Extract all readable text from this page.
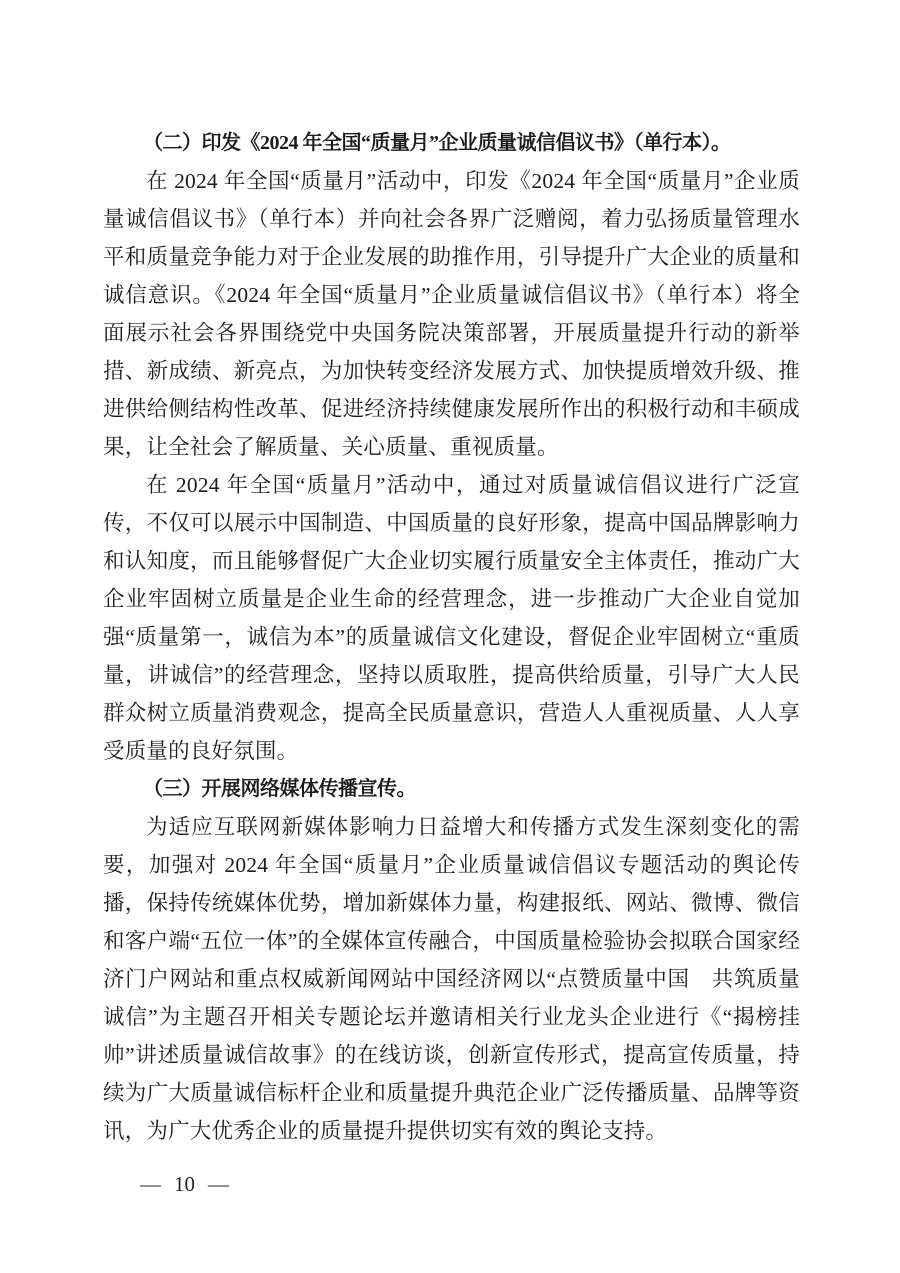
（二）印发《2024 年全国“质量月”企业质量诚信倡议书》（单行本）。

在 2024 年全国“质量月”活动中，印发《2024 年全国“质量月”企业质量诚信倡议书》（单行本）并向社会各界广泛赠阅，着力弘扬质量管理水平和质量竞争能力对于企业发展的助推作用，引导提升广大企业的质量和诚信意识。《2024 年全国“质量月”企业质量诚信倡议书》（单行本）将全面展示社会各界围绕党中央国务院决策部署，开展质量提升行动的新举措、新成绩、新亮点，为加快转变经济发展方式、加快提质增效升级、推进供给侧结构性改革、促进经济持续健康发展所作出的积极行动和丰硕成果，让全社会了解质量、关心质量、重视质量。

在 2024 年全国“质量月”活动中，通过对质量诚信倡议进行广泛宣传，不仅可以展示中国制造、中国质量的良好形象，提高中国品牌影响力和认知度，而且能够督促广大企业切实履行质量安全主体责任，推动广大企业牢固树立质量是企业生命的经营理念，进一步推动广大企业自觉加强“质量第一，诚信为本”的质量诚信文化建设，督促企业牢固树立“重质量，讲诚信”的经营理念，坚持以质取胜，提高供给质量，引导广大人民群众树立质量消费观念，提高全民质量意识，营造人人重视质量、人人享受质量的良好氛围。

（三）开展网络媒体传播宣传。

为适应互联网新媒体影响力日益增大和传播方式发生深刻变化的需要，加强对 2024 年全国“质量月”企业质量诚信倡议专题活动的舆论传播，保持传统媒体优势，增加新媒体力量，构建报纸、网站、微博、微信和客户端“五位一体”的全媒体宣传融合，中国质量检验协会拟联合国家经济门户网站和重点权威新闻网站中国经济网以“点赞质量中国　共筑质量诚信”为主题召开相关专题论坛并邀请相关行业龙头企业进行《“揭榜挂帅”讲述质量诚信故事》的在线访谈，创新宣传形式，提高宣传质量，持续为广大质量诚信标杆企业和质量提升典范企业广泛传播质量、品牌等资讯，为广大优秀企业的质量提升提供切实有效的舆论支持。

— 10 —
